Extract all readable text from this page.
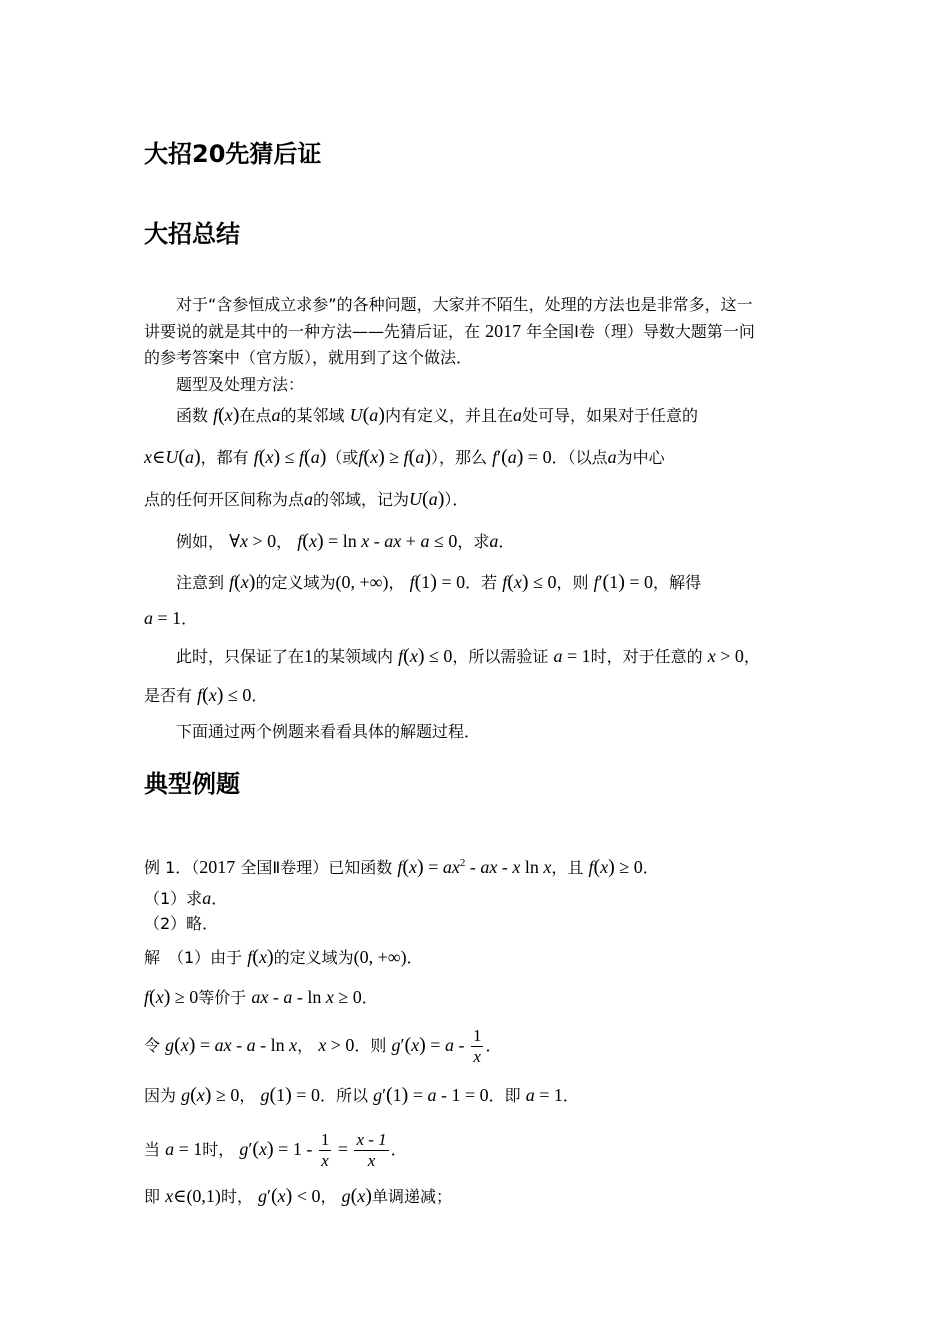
大招20先猜后证
大招总结
对于“含参恒成立求参”的各种问题，大家并不陌生，处理的方法也是非常多，这一
讲要说的就是其中的一种方法——先猜后证，在 2017 年全国Ⅰ卷（理）导数大题第一问
的参考答案中（官方版），就用到了这个做法．
题型及处理方法：
函数 f(x)在点a的某邻域 U(a)内有定义，并且在a处可导，如果对于任意的
x∈U(a)，都有 f(x) ≤ f(a)（或f(x) ≥ f(a)），那么 f′(a) = 0．（以点a为中心
点的任何开区间称为点a的邻域，记为U(a)）．
例如， ∀x > 0， f(x) = ln x - ax + a ≤ 0，求a．
注意到 f(x)的定义域为(0, +∞)， f(1) = 0．若 f(x) ≤ 0，则 f′(1) = 0，解得
a = 1．
此时，只保证了在1的某领域内 f(x) ≤ 0，所以需验证 a = 1时，对于任意的 x > 0，
是否有 f(x) ≤ 0．
下面通过两个例题来看看具体的解题过程．
典型例题
例 1．（2017 全国Ⅱ卷理）已知函数 $f(x) = ax^2$ - ax - x ln x，且 f(x) ≥ 0．
（1）求a．
（2）略．
解　（1）由于 f(x)的定义域为(0, +∞)．
f(x) ≥ 0等价于 ax - a - ln x ≥ 0．
令 g(x) = ax - a - ln x， x > 0．则 $g'(x) = a - \frac{1}{x}$ ．
因为 g(x) ≥ 0， g(1) = 0．所以 g′(1) = a - 1 = 0．即 a = 1．
当 a = 1时， $g'(x) = 1 - \frac{1}{x} = \frac{x - 1}{x}$ ．
即 x∈(0,1)时， g′(x) < 0， g(x)单调递减；
